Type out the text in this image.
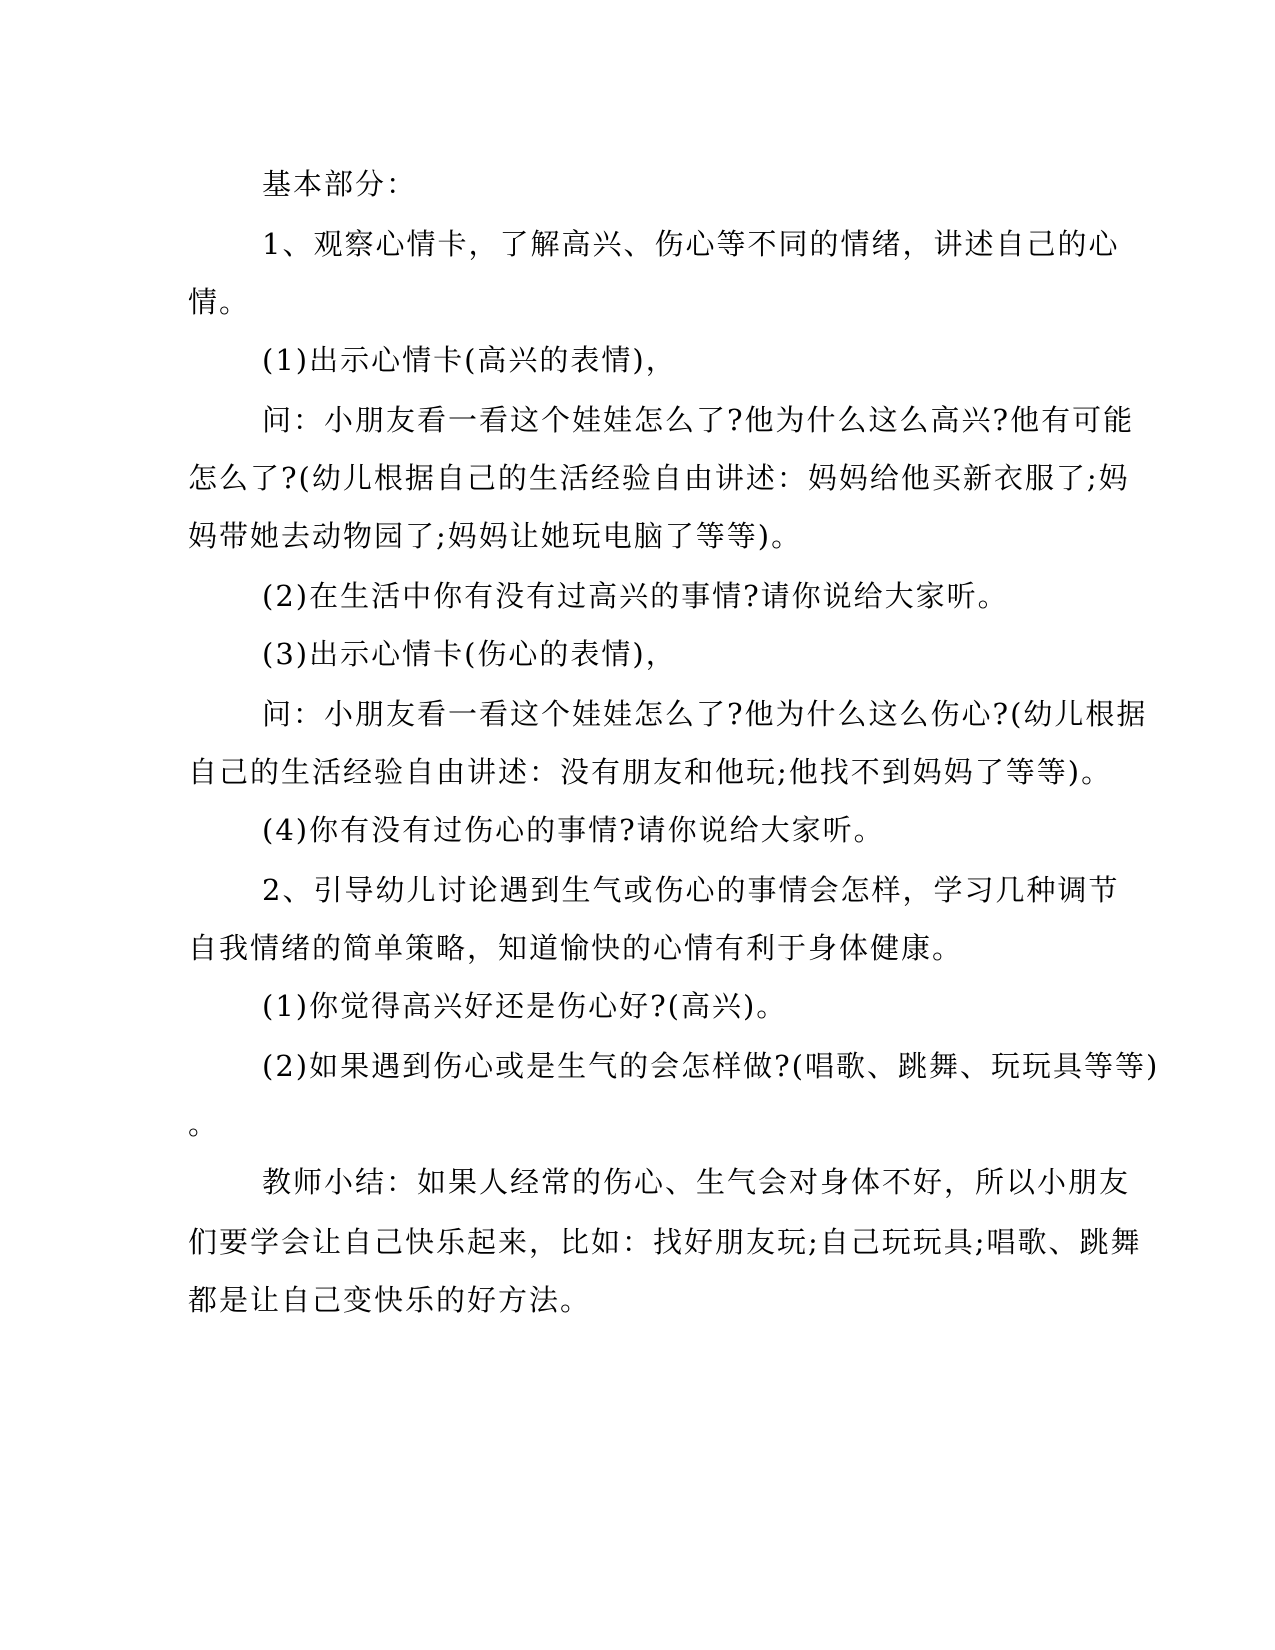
基本部分：
1、观察心情卡，了解高兴、伤心等不同的情绪，讲述自己的心
情。
(1)出示心情卡(高兴的表情)，
问：小朋友看一看这个娃娃怎么了?他为什么这么高兴?他有可能
怎么了?(幼儿根据自己的生活经验自由讲述：妈妈给他买新衣服了;妈
妈带她去动物园了;妈妈让她玩电脑了等等)。
(2)在生活中你有没有过高兴的事情?请你说给大家听。
(3)出示心情卡(伤心的表情)，
问：小朋友看一看这个娃娃怎么了?他为什么这么伤心?(幼儿根据
自己的生活经验自由讲述：没有朋友和他玩;他找不到妈妈了等等)。
(4)你有没有过伤心的事情?请你说给大家听。
2、引导幼儿讨论遇到生气或伤心的事情会怎样，学习几种调节
自我情绪的简单策略，知道愉快的心情有利于身体健康。
(1)你觉得高兴好还是伤心好?(高兴)。
(2)如果遇到伤心或是生气的会怎样做?(唱歌、跳舞、玩玩具等等)
。
教师小结：如果人经常的伤心、生气会对身体不好，所以小朋友
们要学会让自己快乐起来，比如：找好朋友玩;自己玩玩具;唱歌、跳舞
都是让自己变快乐的好方法。
